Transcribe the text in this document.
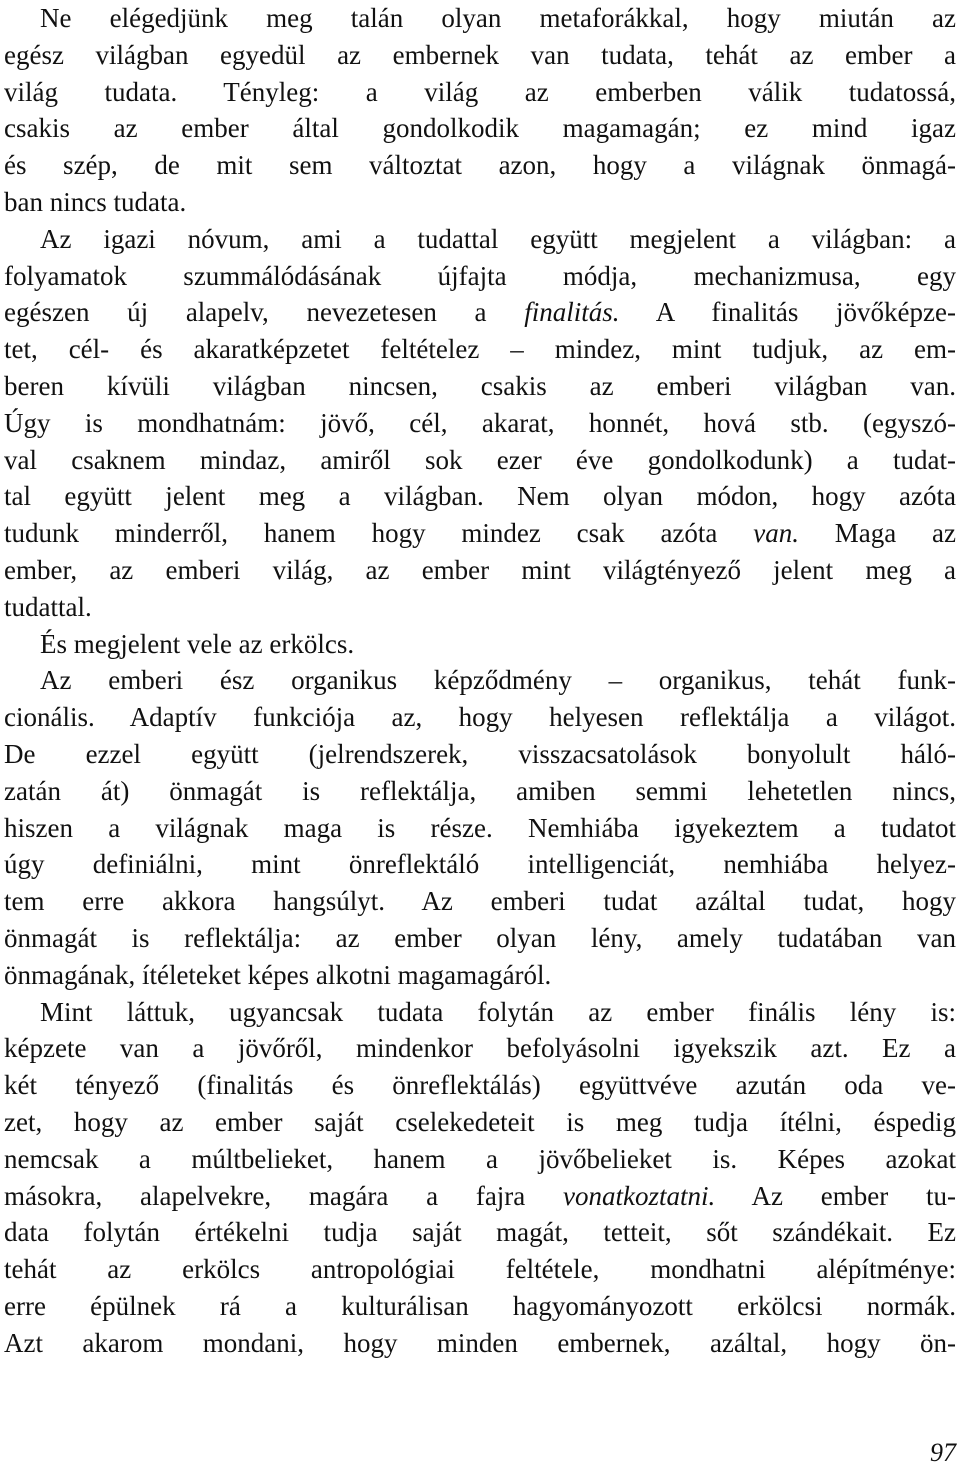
Ne elégedjünk meg talán olyan metaforákkal, hogy miután az
egész világban egyedül az embernek van tudata, tehát az ember a
világ tudata. Tényleg: a világ az emberben válik tudatossá,
csakis az ember által gondolkodik magamagán; ez mind igaz
és szép, de mit sem változtat azon, hogy a világnak önmagá-
ban nincs tudata.

Az igazi nóvum, ami a tudattal együtt megjelent a világban: a
folyamatok szummálódásának újfajta módja, mechanizmusa, egy
egészen új alapelv, nevezetesen a finalitás. A finalitás jövőképze-
tet, cél- és akaratképzetet feltételez – mindez, mint tudjuk, az em-
beren kívüli világban nincsen, csakis az emberi világban van.
Úgy is mondhatnám: jövő, cél, akarat, honnét, hová stb. (egyszó-
val csaknem mindaz, amiről sok ezer éve gondolkodunk) a tudat-
tal együtt jelent meg a világban. Nem olyan módon, hogy azóta
tudunk minderről, hanem hogy mindez csak azóta van. Maga az
ember, az emberi világ, az ember mint világtényező jelent meg a
tudattal.

És megjelent vele az erkölcs.

Az emberi ész organikus képződmény – organikus, tehát funk-
cionális. Adaptív funkciója az, hogy helyesen reflektálja a világot.
De ezzel együtt (jelrendszerek, visszacsatolások bonyolult háló-
zatán át) önmagát is reflektálja, amiben semmi lehetetlen nincs,
hiszen a világnak maga is része. Nemhiába igyekeztem a tudatot
úgy definiálni, mint önreflektáló intelligenciát, nemhiába helyez-
tem erre akkora hangsúlyt. Az emberi tudat azáltal tudat, hogy
önmagát is reflektálja: az ember olyan lény, amely tudatában van
önmagának, ítéleteket képes alkotni magamagáról.

Mint láttuk, ugyancsak tudata folytán az ember finális lény is:
képzete van a jövőről, mindenkor befolyásolni igyekszik azt. Ez a
két tényező (finalitás és önreflektálás) együttvéve azután oda ve-
zet, hogy az ember saját cselekedeteit is meg tudja ítélni, éspedig
nemcsak a múltbelieket, hanem a jövőbelieket is. Képes azokat
másokra, alapelvekre, magára a fajra vonatkoztatni. Az ember tu-
data folytán értékelni tudja saját magát, tetteit, sőt szándékait. Ez
tehát az erkölcs antropológiai feltétele, mondhatni alépítménye:
erre épülnek rá a kulturálisan hagyományozott erkölcsi normák.
Azt akarom mondani, hogy minden embernek, azáltal, hogy ön-

97
